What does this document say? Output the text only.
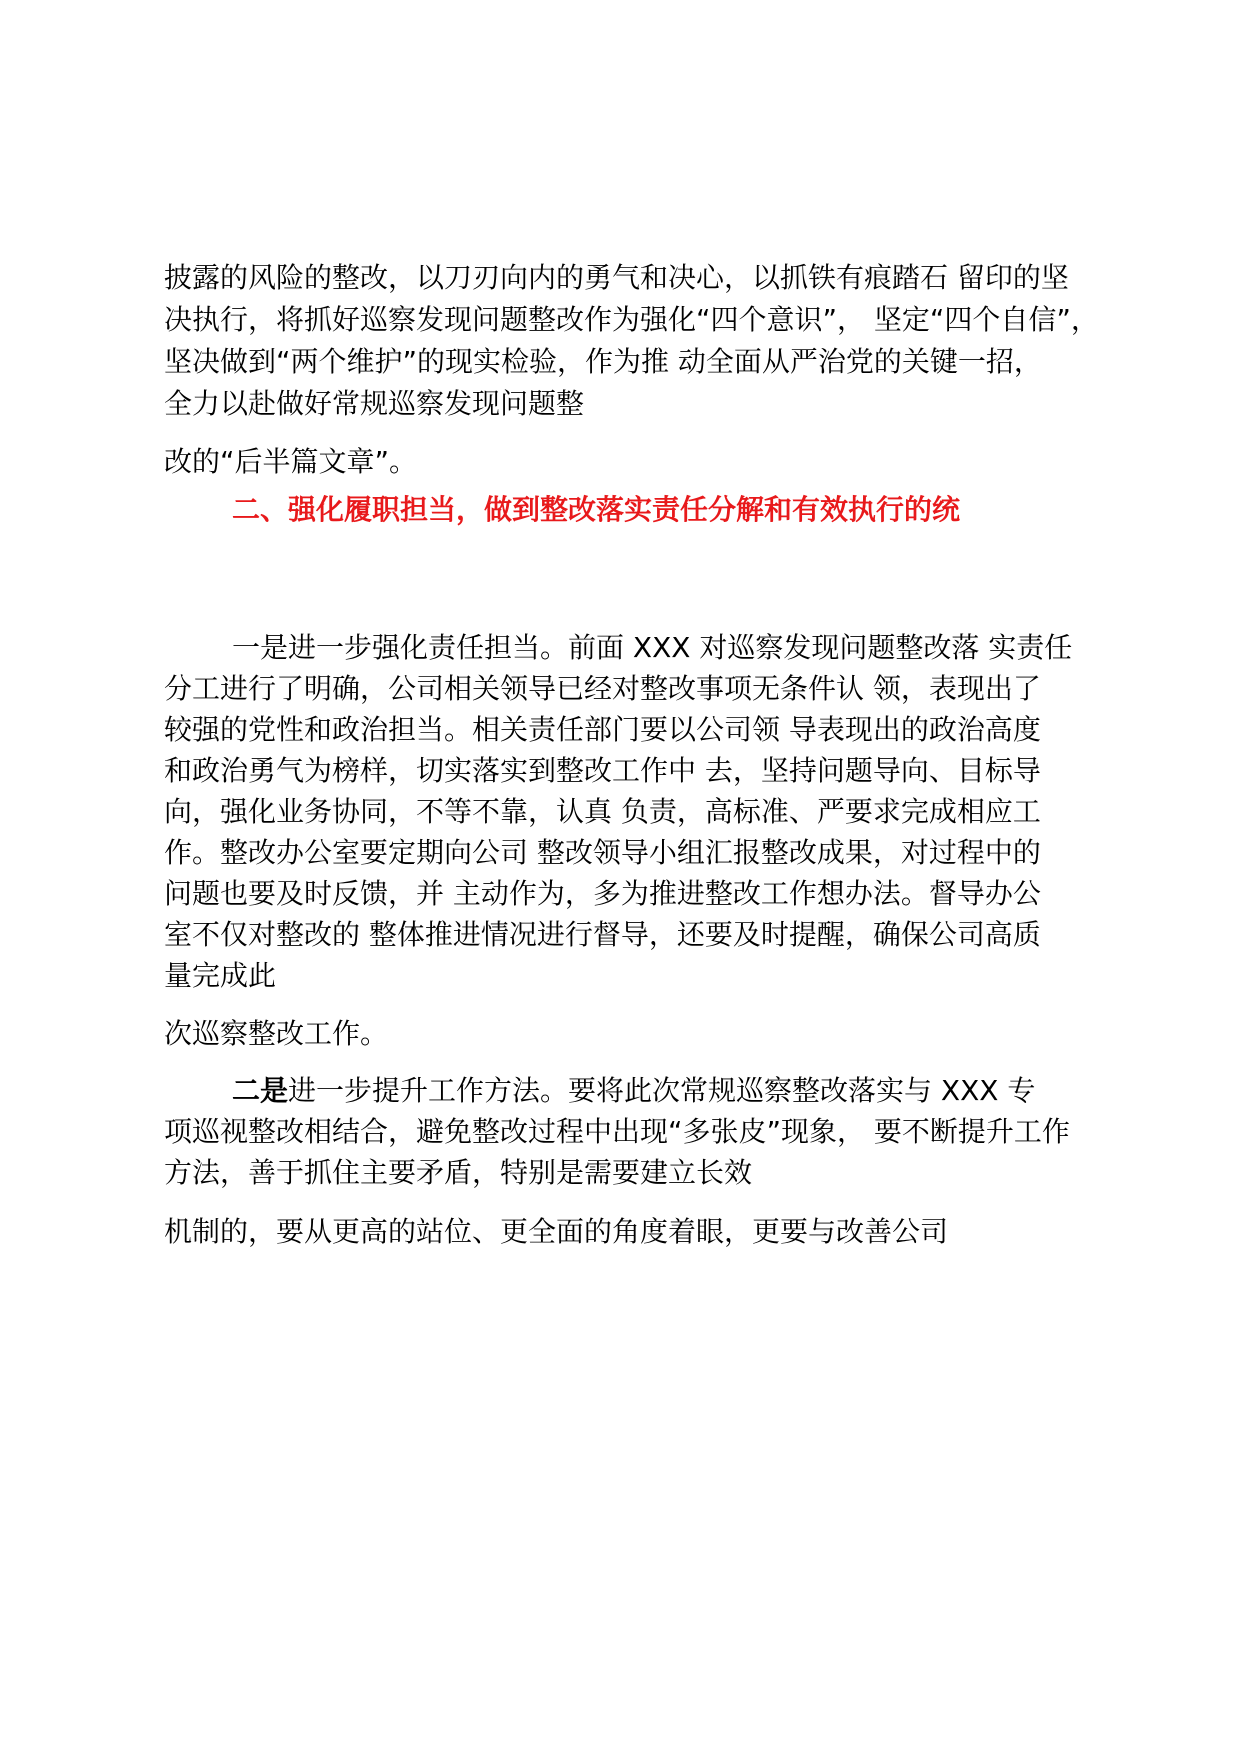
披露的风险的整改，以刀刃向内的勇气和决心，以抓铁有痕踏石 留印的坚
决执行，将抓好巡察发现问题整改作为强化“四个意识”， 坚定“四个自信”，
坚决做到“两个维护”的现实检验，作为推 动全面从严治党的关键一招，
全力以赴做好常规巡察发现问题整
改的“后半篇文章”。
二、强化履职担当，做到整改落实责任分解和有效执行的统
一是进一步强化责任担当。前面 XXX 对巡察发现问题整改落 实责任
分工进行了明确，公司相关领导已经对整改事项无条件认 领，表现出了
较强的党性和政治担当。相关责任部门要以公司领 导表现出的政治高度
和政治勇气为榜样，切实落实到整改工作中 去，坚持问题导向、目标导
向，强化业务协同，不等不靠，认真 负责，高标准、严要求完成相应工
作。整改办公室要定期向公司 整改领导小组汇报整改成果，对过程中的
问题也要及时反馈，并 主动作为，多为推进整改工作想办法。督导办公
室不仅对整改的 整体推进情况进行督导，还要及时提醒，确保公司高质
量完成此
次巡察整改工作。
二是进一步提升工作方法。要将此次常规巡察整改落实与 XXX 专
项巡视整改相结合，避免整改过程中出现“多张皮”现象， 要不断提升工作
方法，善于抓住主要矛盾，特别是需要建立长效
机制的，要从更高的站位、更全面的角度着眼，更要与改善公司
